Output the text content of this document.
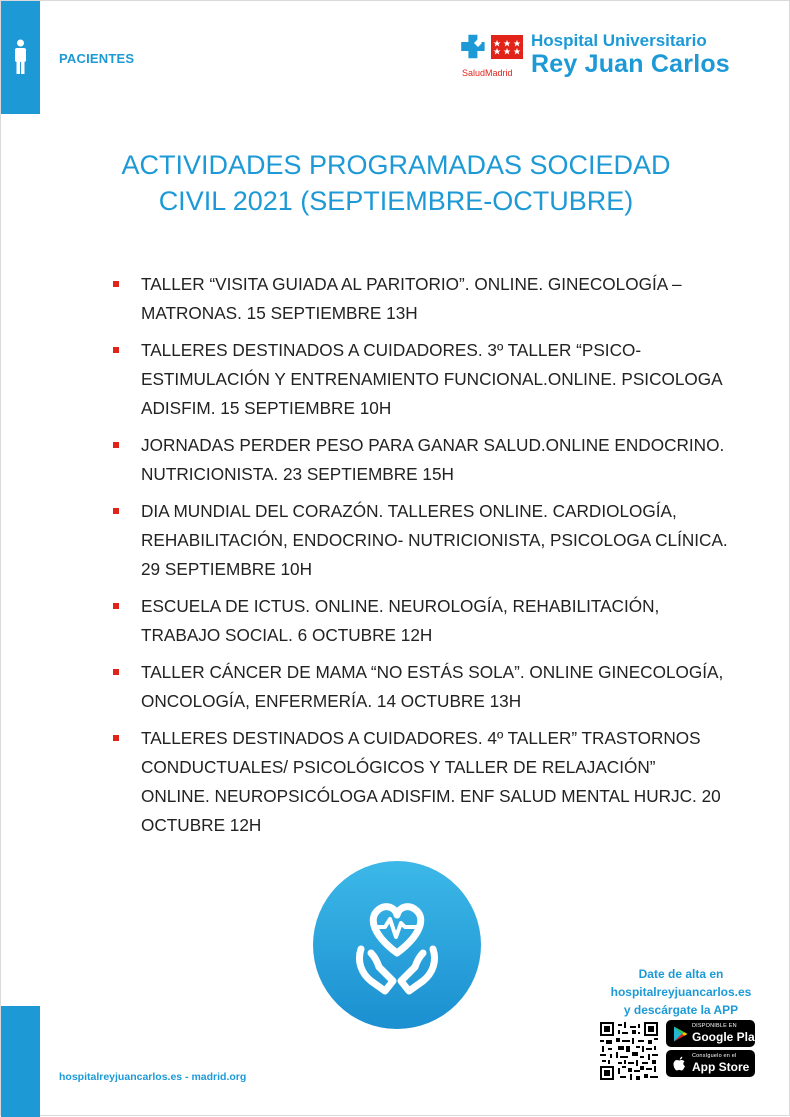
PACIENTES
SaludMadrid
Hospital Universitario
Rey Juan Carlos
ACTIVIDADES PROGRAMADAS SOCIEDAD
CIVIL 2021 (SEPTIEMBRE-OCTUBRE)
TALLER “VISITA GUIADA AL PARITORIO”. ONLINE. GINECOLOGÍA – MATRONAS. 15 SEPTIEMBRE 13H
TALLERES DESTINADOS A CUIDADORES. 3º TALLER “PSICO-ESTIMULACIÓN Y ENTRENAMIENTO FUNCIONAL.ONLINE. PSICOLOGA ADISFIM. 15 SEPTIEMBRE 10H
JORNADAS PERDER PESO PARA GANAR SALUD.ONLINE ENDOCRINO. NUTRICIONISTA. 23 SEPTIEMBRE 15H
DIA MUNDIAL DEL CORAZÓN. TALLERES ONLINE. CARDIOLOGÍA, REHABILITACIÓN, ENDOCRINO- NUTRICIONISTA, PSICOLOGA CLÍNICA. 29 SEPTIEMBRE 10H
ESCUELA DE ICTUS. ONLINE. NEUROLOGÍA, REHABILITACIÓN, TRABAJO SOCIAL. 6 OCTUBRE 12H
TALLER CÁNCER DE MAMA “NO ESTÁS SOLA”. ONLINE GINECOLOGÍA, ONCOLOGÍA, ENFERMERÍA. 14 OCTUBRE 13H
TALLERES DESTINADOS A CUIDADORES. 4º TALLER” TRASTORNOS CONDUCTUALES/ PSICOLÓGICOS Y TALLER DE RELAJACIÓN” ONLINE. NEUROPSICÓLOGA ADISFIM. ENF SALUD MENTAL HURJC. 20 OCTUBRE 12H
Date de alta en
hospitalreyjuancarlos.es
y descárgate la APP
DISPONIBLE EN
Google Play
Consíguelo en el
App Store
hospitalreyjuancarlos.es - madrid.org
